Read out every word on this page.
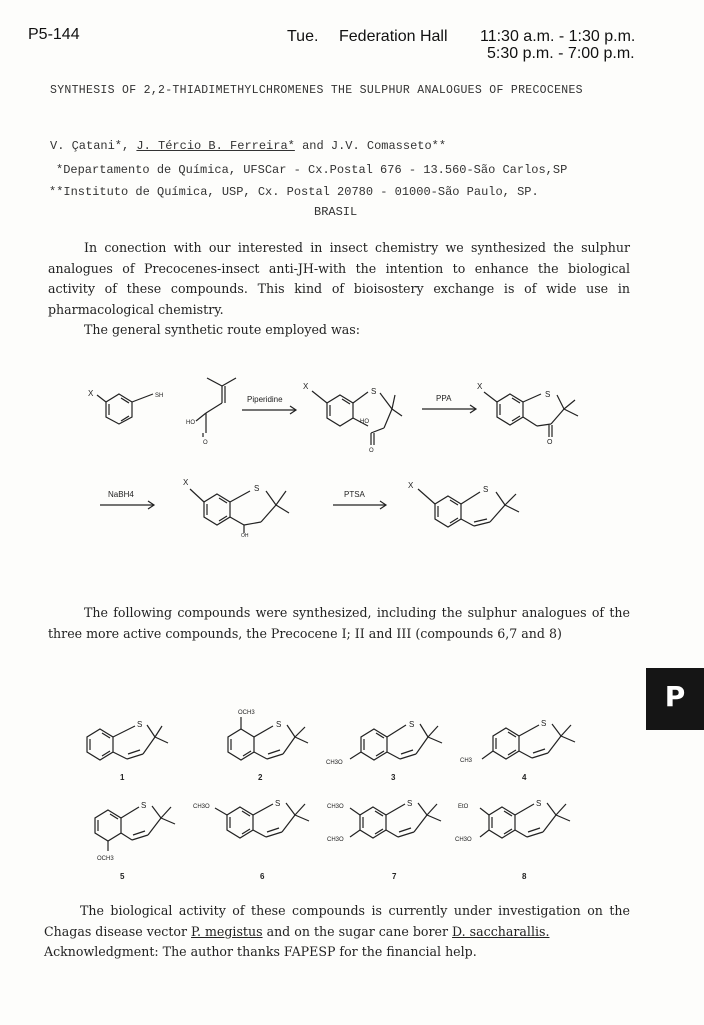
P5-144	Tue. Federation Hall 11:30 a.m. - 1:30 p.m.
5:30 p.m. - 7:00 p.m.
SYNTHESIS OF 2,2-THIADIMETHYLCHROMENES THE SULPHUR ANALOGUES OF PRECOCENES
V. Çatani*, J. Tércio B. Ferreira* and J.V. Comasseto**
*Departamento de Química, UFSCar - Cx.Postal 676 - 13.560-São Carlos,SP
**Instituto de Química, USP, Cx. Postal 20780 - 01000-São Paulo, SP.
BRASIL

In conection with our interested in insect chemistry we synthesized the sulphur analogues of Precocenes-insect anti-JH-with the intention to enhance the biological activity of these compounds. This kind of bioisostery exchange is of wide use in pharmacological chemistry.

The general synthetic route employed was:

The following compounds were synthesized, including the sulphur analogues of the three more active compounds, the Precocene I; II and III (compounds 6,7 and 8)

The biological activity of these compounds is currently under investigation on the Chagas disease vector P. megistus and on the sugar cane borer D. saccharallis.

Acknowledgment: The author thanks FAPESP for the financial help.
P
X	SH
HO
O
Piperidine
X
S
HO
O
PPA
X
S
O
NaBH4
X
S
OH
PTSA
X	S
S
OCH3
S	S
CH3O
S
CH3
S
OCH3
S
CH3O	S
CH3O
CH3O
S
EtO
CH3O
1	2	3	4
5	6	7	8
